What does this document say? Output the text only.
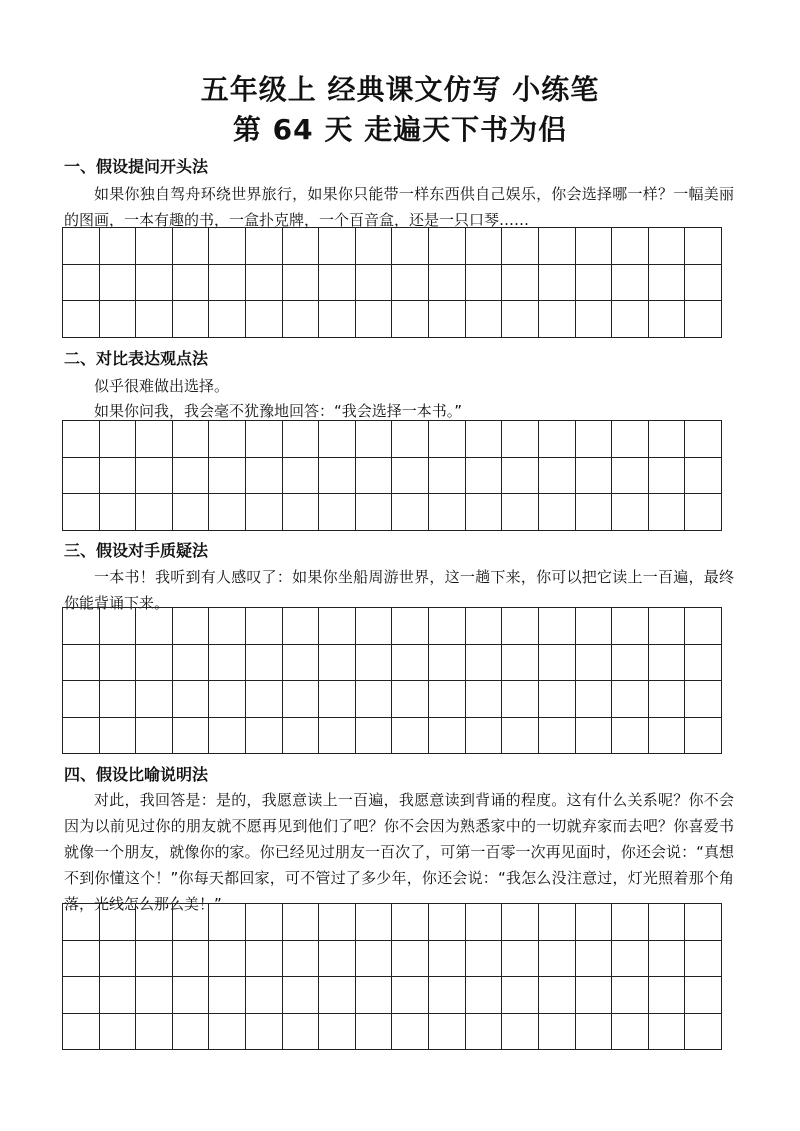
五年级上 经典课文仿写 小练笔
第 64 天 走遍天下书为侣
一、假设提问开头法

如果你独自驾舟环绕世界旅行，如果你只能带一样东西供自己娱乐，你会选择哪一样？一幅美丽的图画，一本有趣的书，一盒扑克牌，一个百音盒，还是一只口琴……

二、对比表达观点法

似乎很难做出选择。

如果你问我，我会毫不犹豫地回答：“我会选择一本书。”

三、假设对手质疑法

一本书！我听到有人感叹了：如果你坐船周游世界，这一趟下来，你可以把它读上一百遍，最终你能背诵下来。

四、假设比喻说明法

对此，我回答是：是的，我愿意读上一百遍，我愿意读到背诵的程度。这有什么关系呢？你不会因为以前见过你的朋友就不愿再见到他们了吧？你不会因为熟悉家中的一切就弃家而去吧？你喜爱书就像一个朋友，就像你的家。你已经见过朋友一百次了，可第一百零一次再见面时，你还会说：“真想不到你懂这个！”你每天都回家，可不管过了多少年，你还会说：“我怎么没注意过，灯光照着那个角落，光线怎么那么美！”
